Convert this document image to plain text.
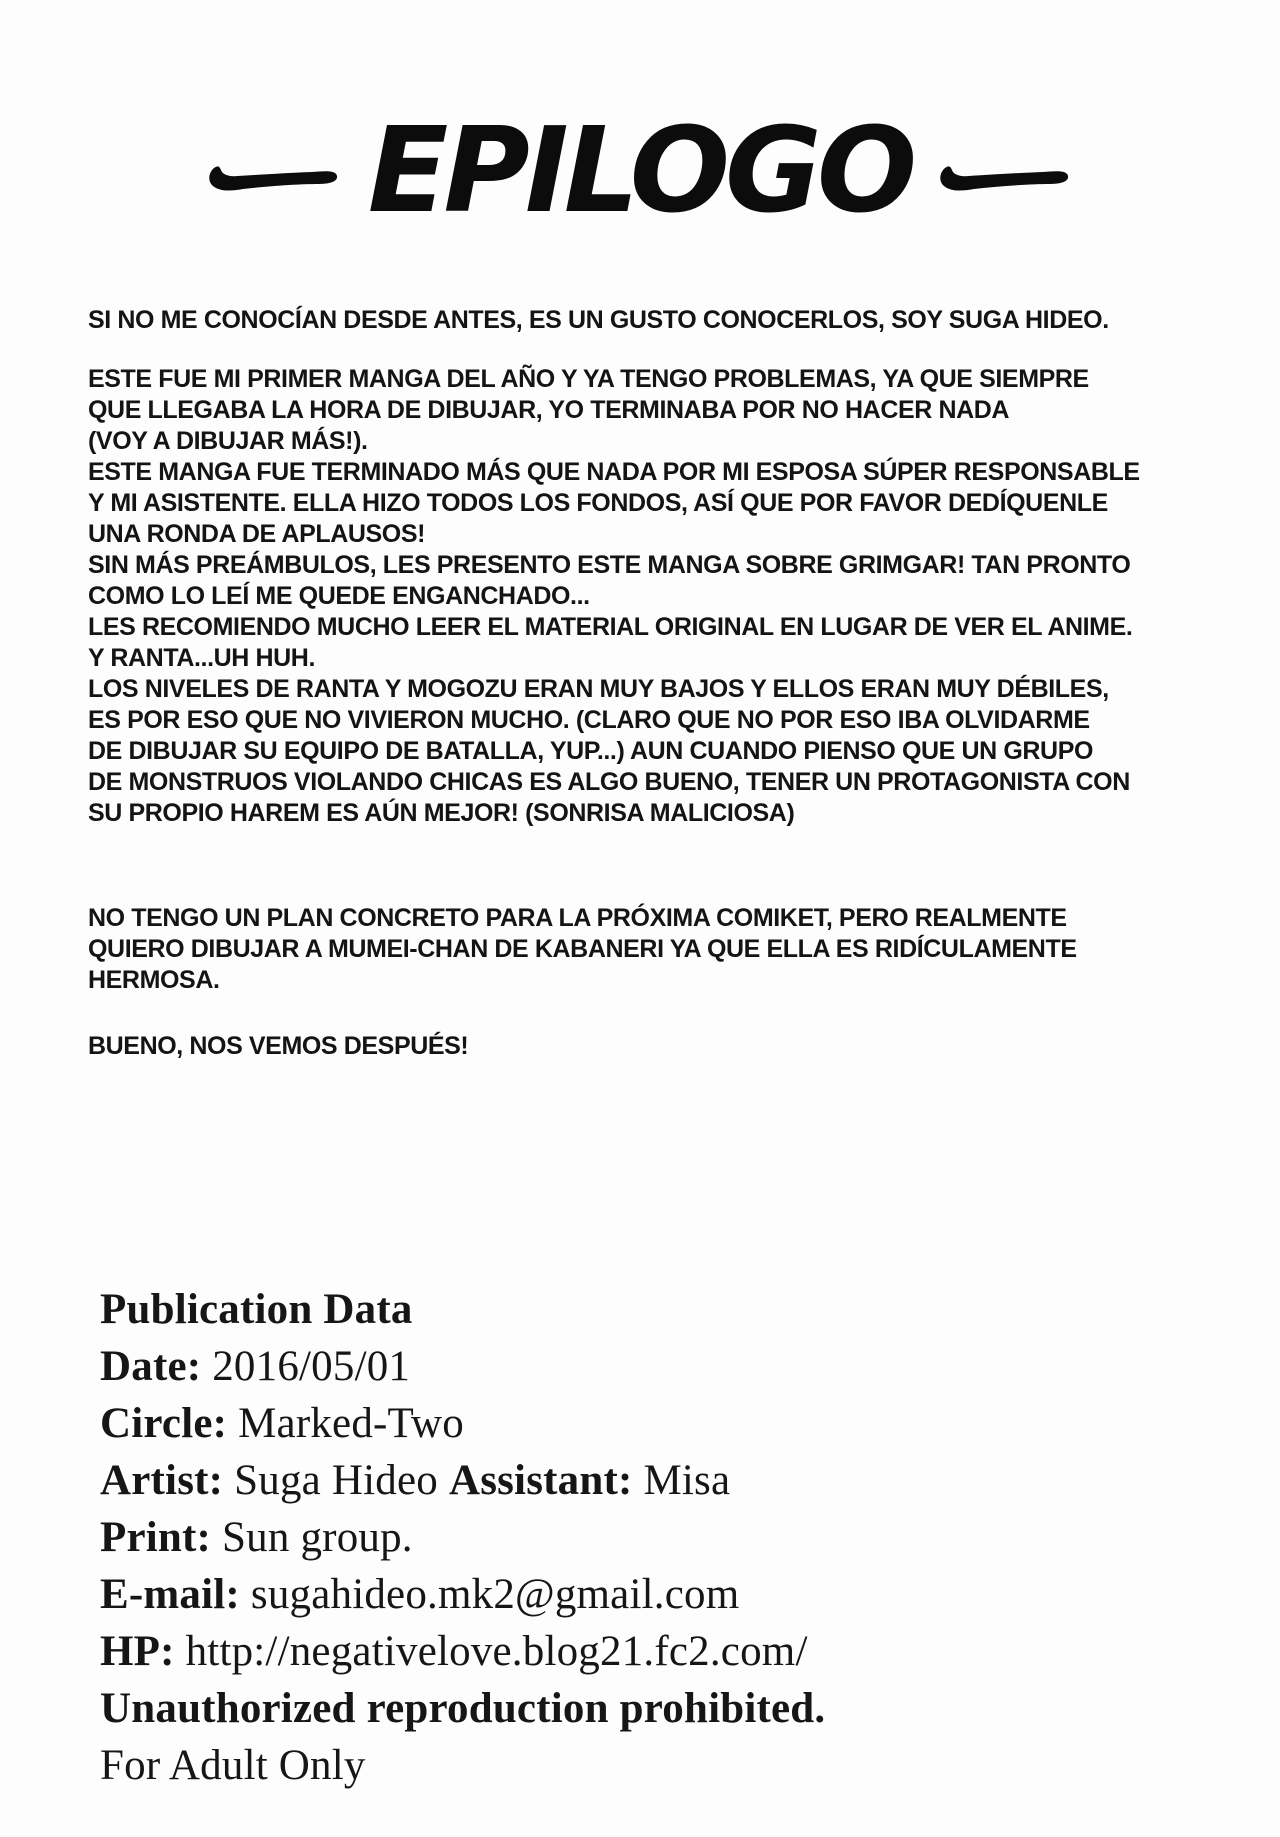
EPILOGO
SI NO ME CONOCÍAN DESDE ANTES, ES UN GUSTO CONOCERLOS, SOY SUGA HIDEO.
ESTE FUE MI PRIMER MANGA DEL AÑO Y YA TENGO PROBLEMAS, YA QUE SIEMPRE
QUE LLEGABA LA HORA DE DIBUJAR, YO TERMINABA POR NO HACER NADA
(VOY A DIBUJAR MÁS!).
ESTE MANGA FUE TERMINADO MÁS QUE NADA POR MI ESPOSA SÚPER RESPONSABLE
Y MI ASISTENTE. ELLA HIZO TODOS LOS FONDOS, ASÍ QUE POR FAVOR DEDÍQUENLE
UNA RONDA DE APLAUSOS!
SIN MÁS PREÁMBULOS, LES PRESENTO ESTE MANGA SOBRE GRIMGAR! TAN PRONTO
COMO LO LEÍ ME QUEDE ENGANCHADO...
LES RECOMIENDO MUCHO LEER EL MATERIAL ORIGINAL EN LUGAR DE VER EL ANIME.
Y RANTA...UH HUH.
LOS NIVELES DE RANTA Y MOGOZU ERAN MUY BAJOS Y ELLOS ERAN MUY DÉBILES,
ES POR ESO QUE NO VIVIERON MUCHO. (CLARO QUE NO POR ESO IBA OLVIDARME
DE DIBUJAR SU EQUIPO DE BATALLA, YUP...) AUN CUANDO PIENSO QUE UN GRUPO
DE MONSTRUOS VIOLANDO CHICAS ES ALGO BUENO, TENER UN PROTAGONISTA CON
SU PROPIO HAREM ES AÚN MEJOR! (SONRISA MALICIOSA)
NO TENGO UN PLAN CONCRETO PARA LA PRÓXIMA COMIKET, PERO REALMENTE
QUIERO DIBUJAR A MUMEI-CHAN DE KABANERI YA QUE ELLA ES RIDÍCULAMENTE
HERMOSA.
BUENO, NOS VEMOS DESPUÉS!
Publication Data
Date: 2016/05/01
Circle: Marked-Two
Artist: Suga Hideo Assistant: Misa
Print: Sun group.
E-mail: sugahideo.mk2@gmail.com
HP: http://negativelove.blog21.fc2.com/
Unauthorized reproduction prohibited.
For Adult Only
